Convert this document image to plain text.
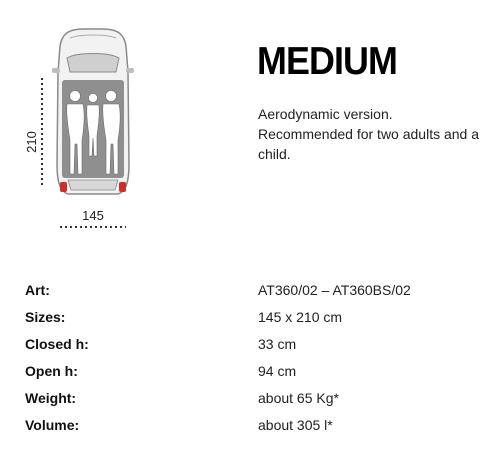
210
145
MEDIUM

Aerodynamic version. Recommended for two adults and a child.

Art:	AT360/02 – AT360BS/02
Sizes:	145 x 210 cm
Closed h:	33 cm
Open h:	94 cm
Weight:	about 65 Kg*
Volume:	about 305 l*
